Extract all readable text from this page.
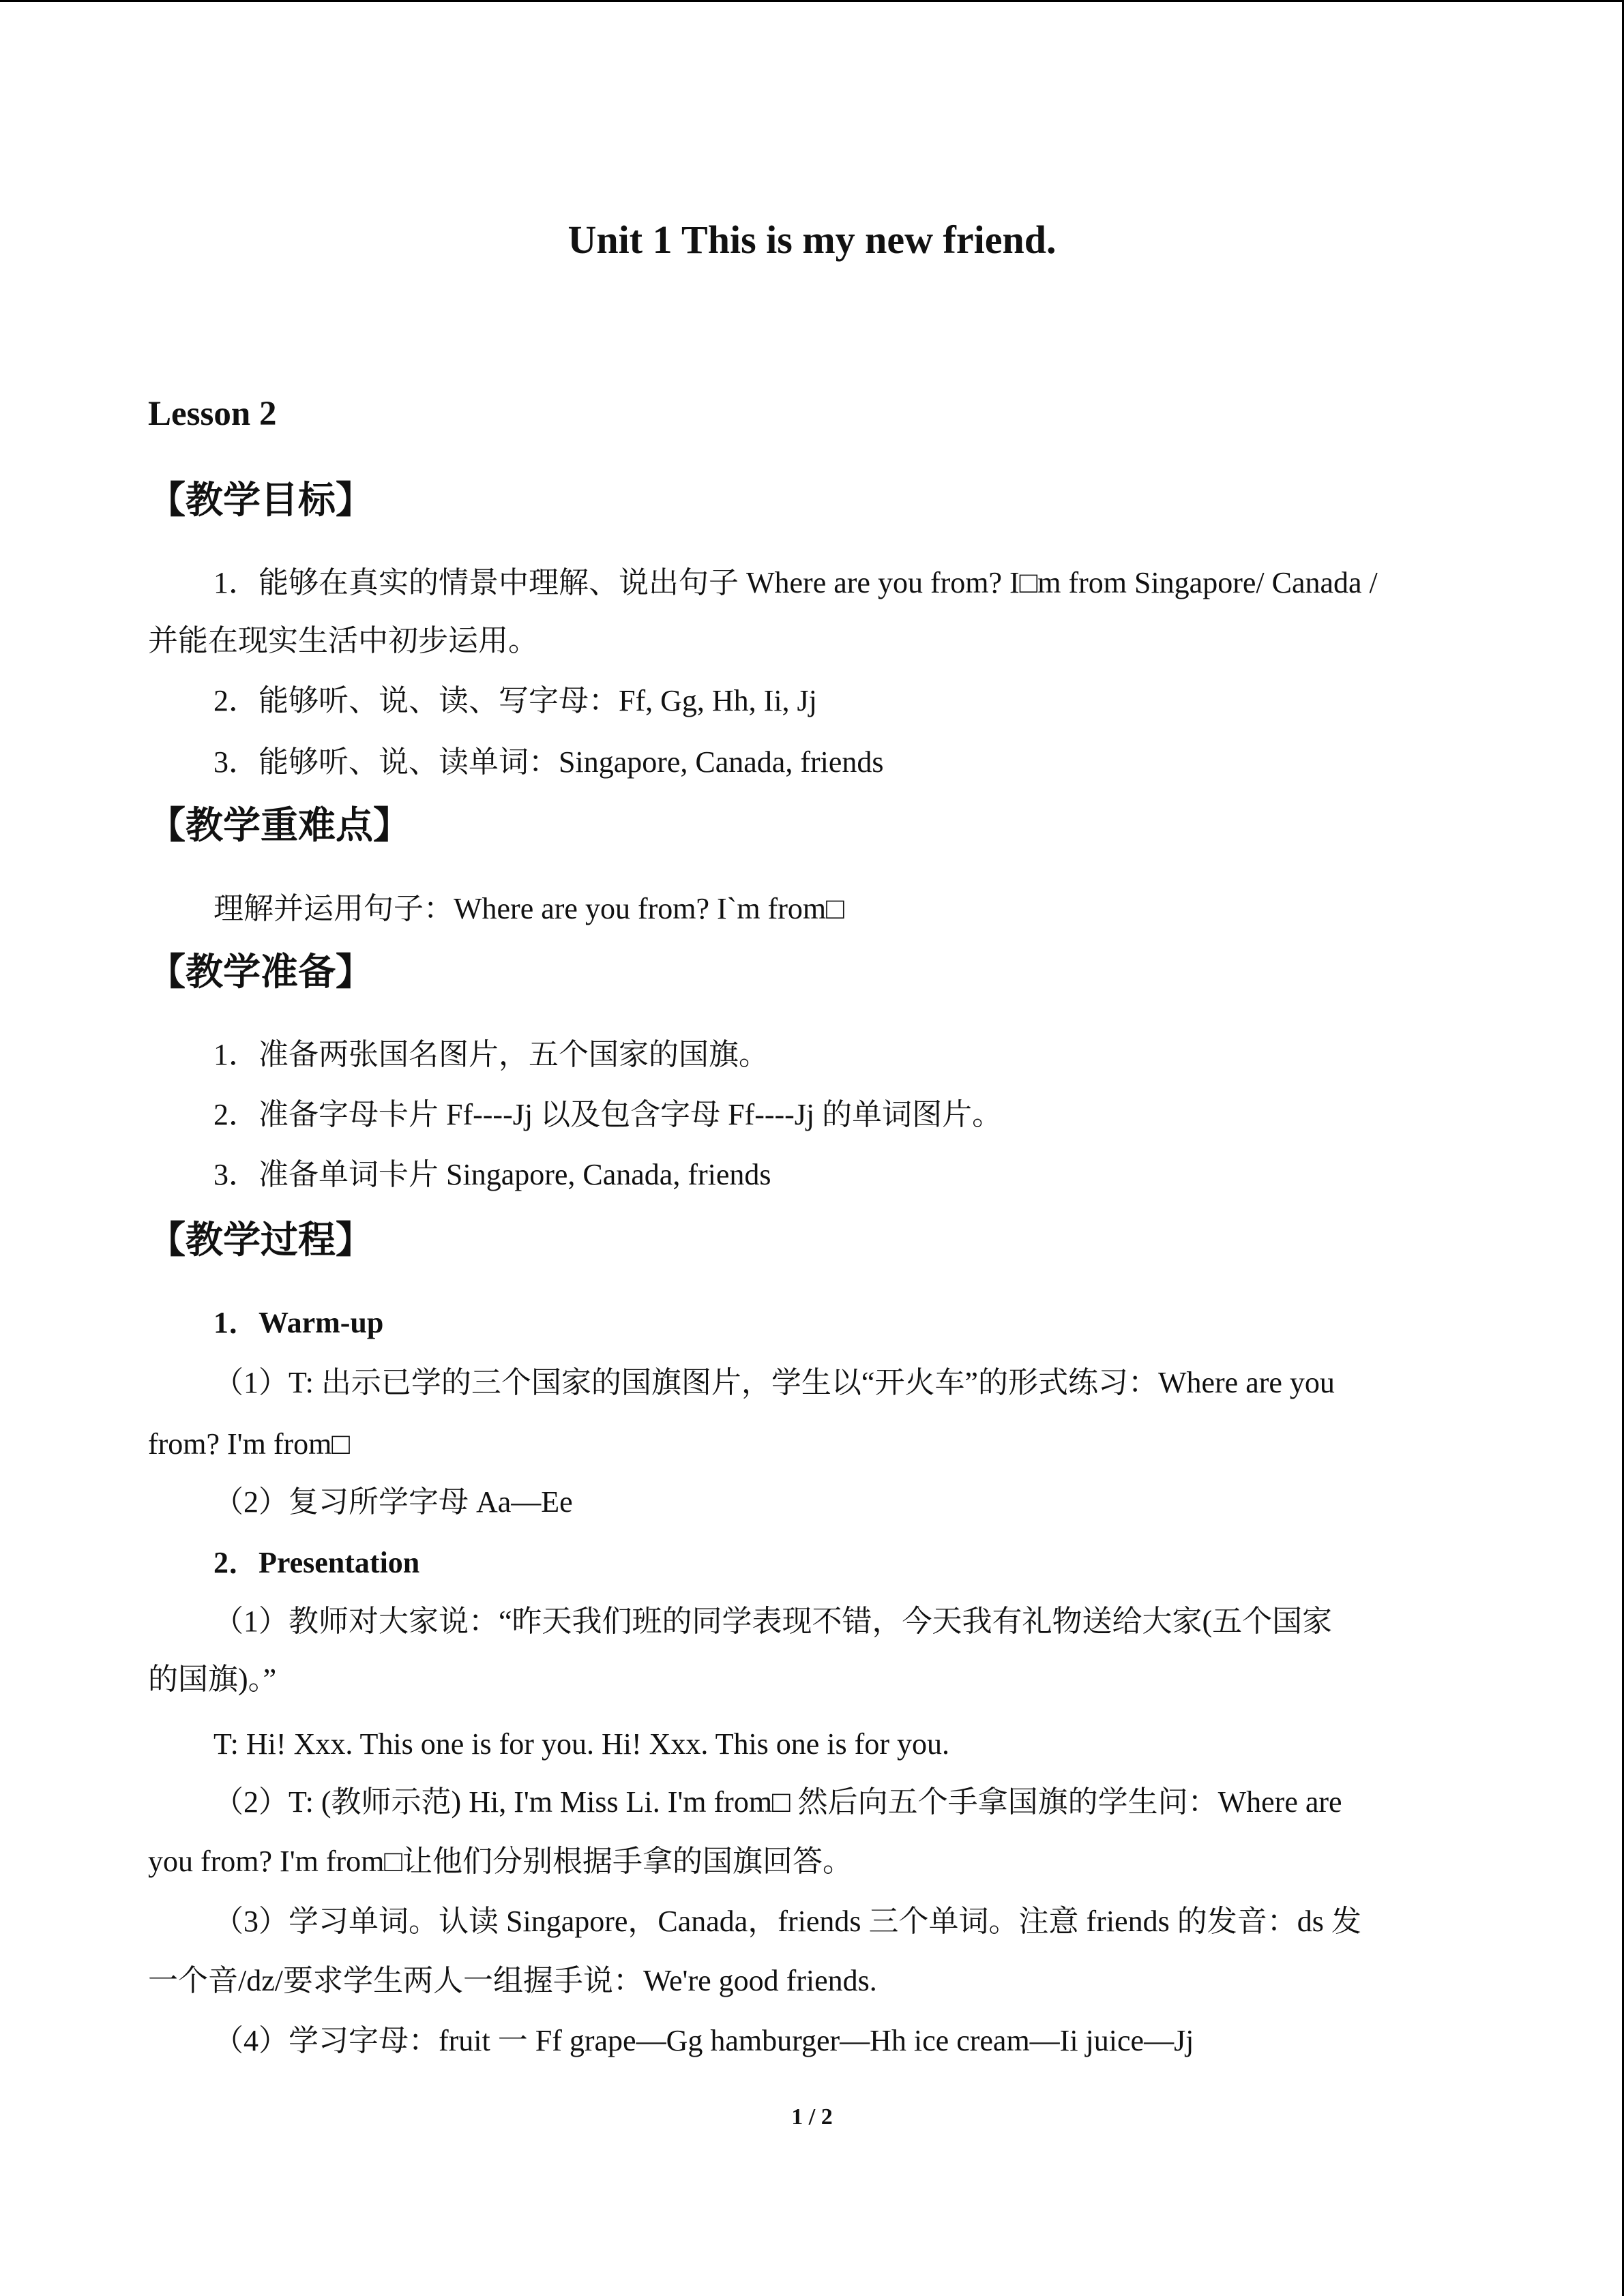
Unit 1 This is my new friend.
Lesson 2
【教学目标】
1．能够在真实的情景中理解、说出句子 Where are you from? I□m from Singapore/ Canada /
并能在现实生活中初步运用。
2．能够听、说、读、写字母：Ff, Gg, Hh, Ii, Jj
3．能够听、说、读单词：Singapore, Canada, friends
【教学重难点】
理解并运用句子：Where are you from? I`m from□
【教学准备】
1．准备两张国名图片，五个国家的国旗。
2．准备字母卡片 Ff----Jj 以及包含字母 Ff----Jj 的单词图片。
3．准备单词卡片 Singapore, Canada, friends
【教学过程】
1．Warm-up
（1）T: 出示已学的三个国家的国旗图片，学生以“开火车”的形式练习：Where are you
from? I'm from□
（2）复习所学字母 Aa—Ee
2．Presentation
（1）教师对大家说：“昨天我们班的同学表现不错，今天我有礼物送给大家(五个国家
的国旗)。”
T: Hi! Xxx. This one is for you. Hi! Xxx. This one is for you.
（2）T: (教师示范) Hi, I'm Miss Li. I'm from□ 然后向五个手拿国旗的学生问：Where are
you from? I'm from□让他们分别根据手拿的国旗回答。
（3）学习单词。认读 Singapore，Canada，friends 三个单词。注意 friends 的发音：ds 发
一个音/dz/要求学生两人一组握手说：We're good friends.
（4）学习字母：fruit 一 Ff grape—Gg hamburger—Hh ice cream—Ii juice—Jj
1 / 2
